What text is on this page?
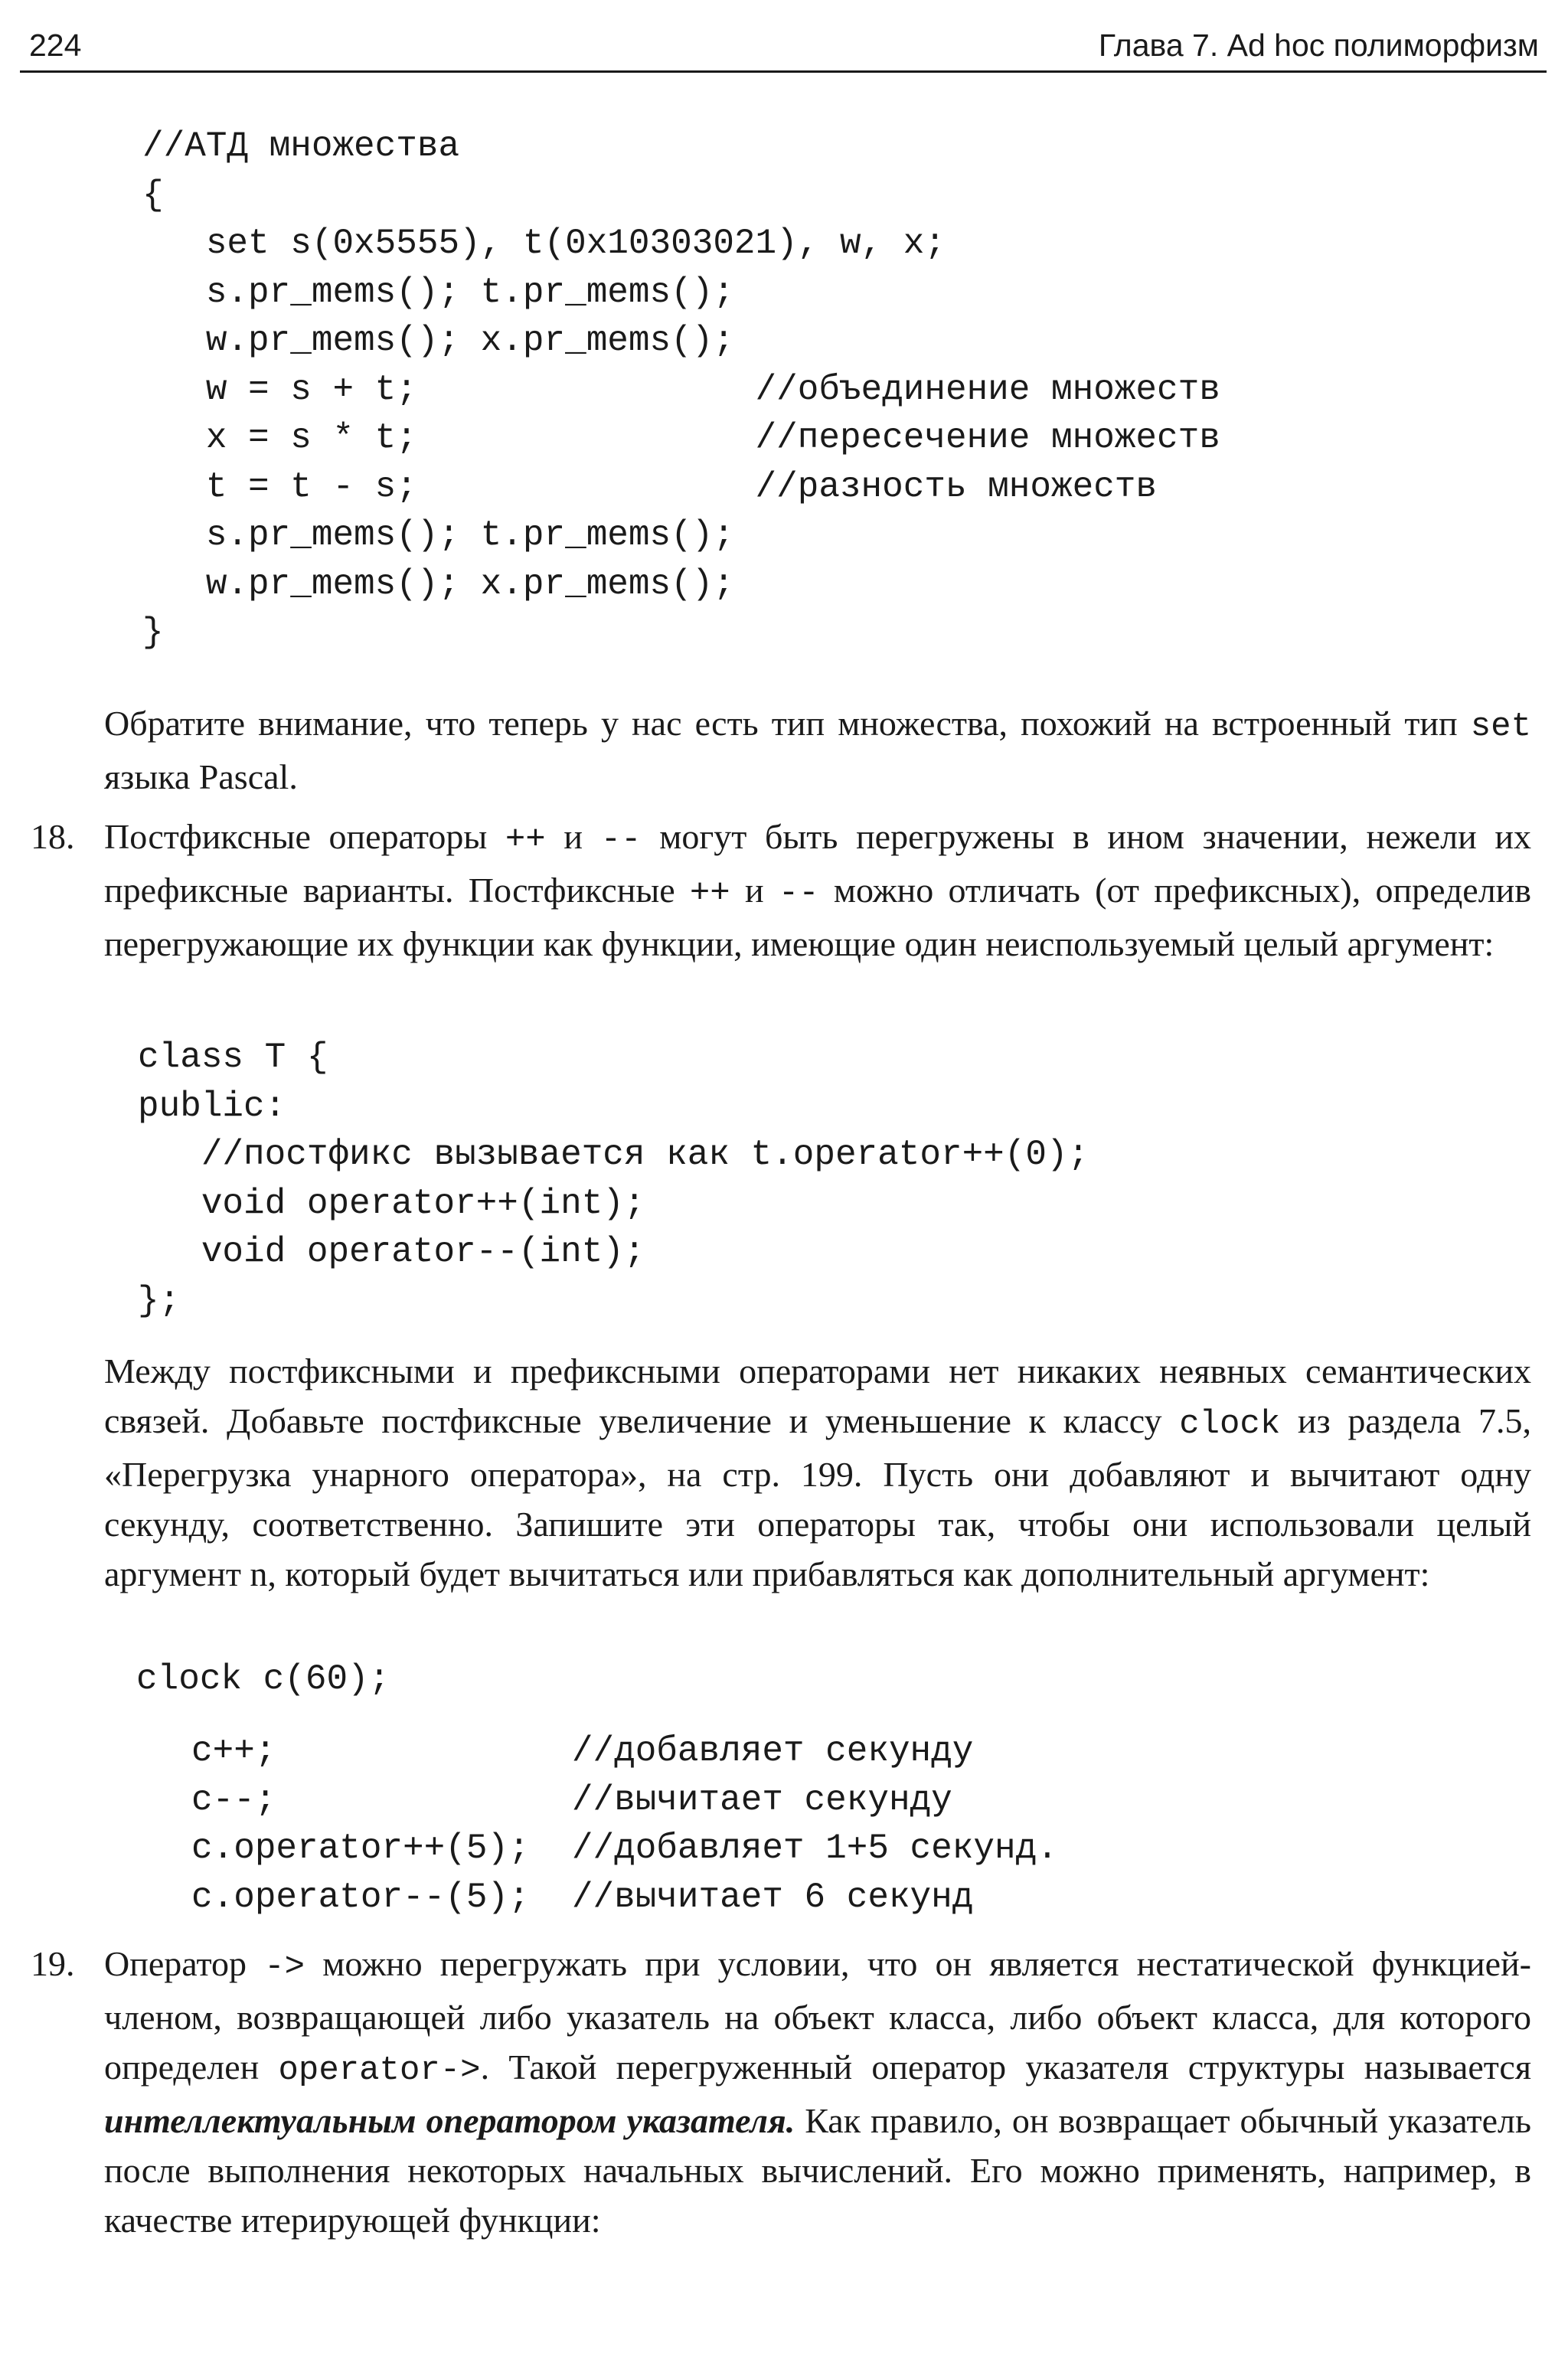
224	Глава 7. Ad hoc полиморфизм
//АТД множества
{
set s(0x5555), t(0x10303021), w, x;
s.pr_mems(); t.pr_mems();
w.pr_mems(); x.pr_mems();
w = s + t;                //объединение множеств
x = s * t;                //пересечение множеств
t = t - s;                //разность множеств
s.pr_mems(); t.pr_mems();
w.pr_mems(); x.pr_mems();
}

Обратите внимание, что теперь у нас есть тип множества, похожий на встроенный тип set языка Pascal.

18. Постфиксные операторы ++ и -- могут быть перегружены в ином значении, нежели их префиксные варианты. Постфиксные ++ и -- можно отличать (от префиксных), определив перегружающие их функции как функции, имеющие один неиспользуемый целый аргумент:

class T {
public:
//постфикс вызывается как t.operator++(0);
void operator++(int);
void operator--(int);
};

Между постфиксными и префиксными операторами нет никаких неявных семантических связей. Добавьте постфиксные увеличение и уменьшение к классу clock из раздела 7.5, «Перегрузка унарного оператора», на стр. 199. Пусть они добавляют и вычитают одну секунду, соответственно. Запишите эти операторы так, чтобы они использовали целый аргумент n, который будет вычитаться или прибавляться как дополнительный аргумент:

clock c(60);
c++;              //добавляет секунду
c--;              //вычитает секунду
c.operator++(5);  //добавляет 1+5 секунд.
c.operator--(5);  //вычитает 6 секунд
19. Оператор -> можно перегружать при условии, что он является нестатической функцией-членом, возвращающей либо указатель на объект класса, либо объект класса, для которого определен operator->. Такой перегруженный оператор указателя структуры называется интеллектуальным оператором указателя. Как правило, он возвращает обычный указатель после выполнения некоторых начальных вычислений. Его можно применять, например, в качестве итерирующей функции:
